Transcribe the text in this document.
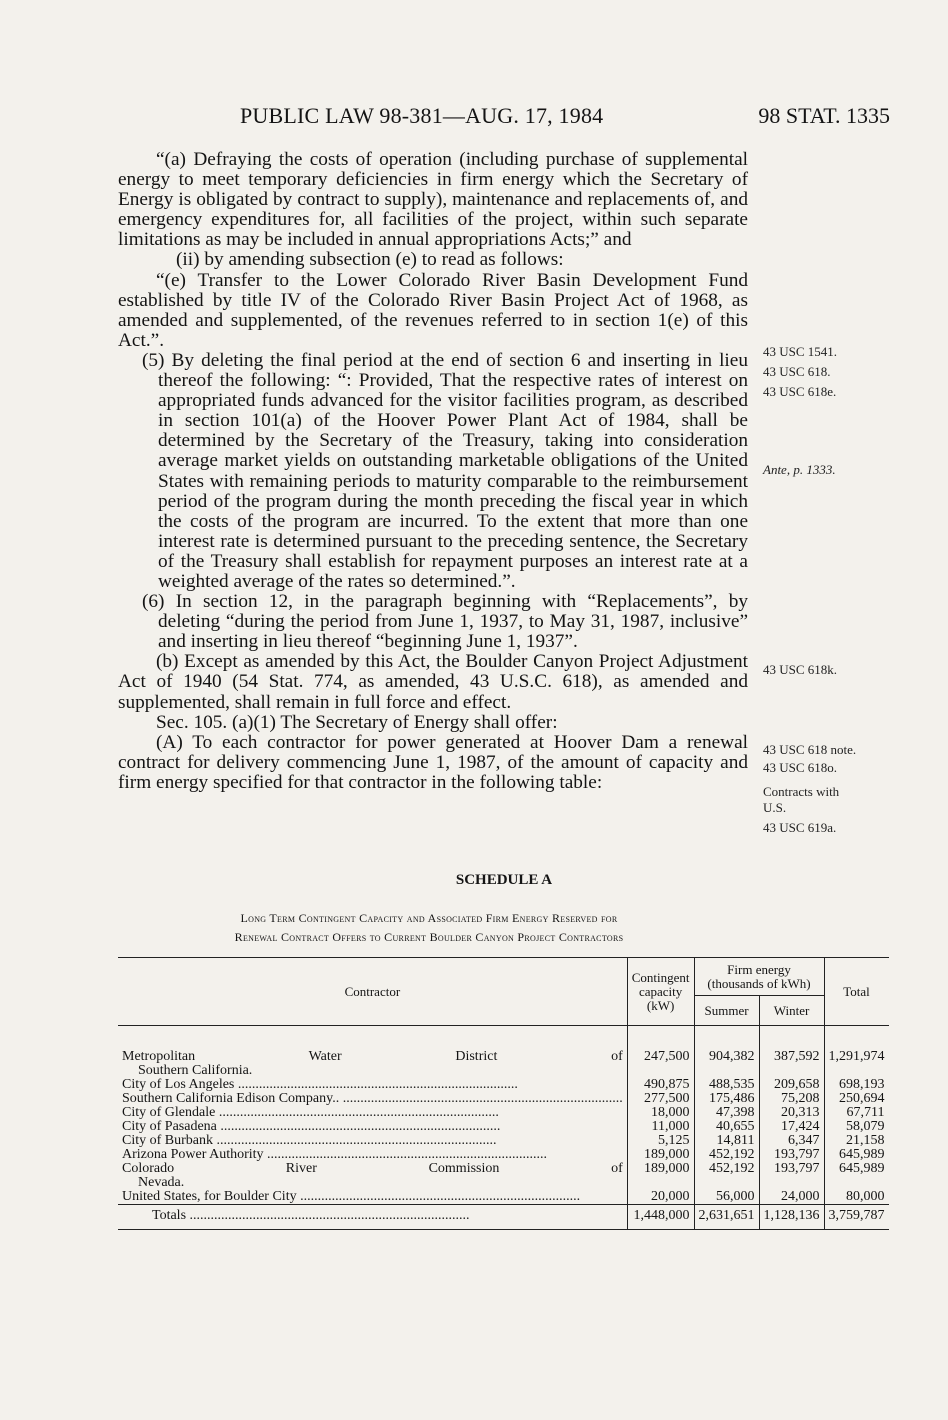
PUBLIC LAW 98-381—AUG. 17, 1984	98 STAT. 1335

“(a) Defraying the costs of operation (including purchase of supplemental energy to meet temporary deficiencies in firm energy which the Secretary of Energy is obligated by contract to supply), maintenance and replacements of, and emergency expenditures for, all facilities of the project, within such separate limitations as may be included in annual appropriations Acts;” and

(ii) by amending subsection (e) to read as follows:

“(e) Transfer to the Lower Colorado River Basin Development Fund established by title IV of the Colorado River Basin Project Act of 1968, as amended and supplemented, of the revenues referred to in section 1(e) of this Act.”.

(5) By deleting the final period at the end of section 6 and inserting in lieu thereof the following: “: Provided, That the respective rates of interest on appropriated funds advanced for the visitor facilities program, as described in section 101(a) of the Hoover Power Plant Act of 1984, shall be determined by the Secretary of the Treasury, taking into consideration average market yields on outstanding marketable obligations of the United States with remaining periods to maturity comparable to the reimbursement period of the program during the month preceding the fiscal year in which the costs of the program are incurred. To the extent that more than one interest rate is determined pursuant to the preceding sentence, the Secretary of the Treasury shall establish for repayment purposes an interest rate at a weighted average of the rates so determined.”.

(6) In section 12, in the paragraph beginning with “Replacements”, by deleting “during the period from June 1, 1937, to May 31, 1987, inclusive” and inserting in lieu thereof “beginning June 1, 1937”.

(b) Except as amended by this Act, the Boulder Canyon Project Adjustment Act of 1940 (54 Stat. 774, as amended, 43 U.S.C. 618), as amended and supplemented, shall remain in full force and effect.

Sec. 105. (a)(1) The Secretary of Energy shall offer:

(A) To each contractor for power generated at Hoover Dam a renewal contract for delivery commencing June 1, 1987, of the amount of capacity and firm energy specified for that contractor in the following table:

43 USC 1541.
43 USC 618.
43 USC 618e.
Ante, p. 1333.
43 USC 618k.
43 USC 618 note.
43 USC 618o.
Contracts with
U.S.
43 USC 619a.
SCHEDULE A
Long Term Contingent Capacity and Associated Firm Energy Reserved for
Renewal Contract Offers to Current Boulder Canyon Project Contractors
Contractor	Contingent capacity (kW)	Firm energy (thousands of kWh)		Total
		Summer	Winter	

Metropolitan Water District of
Southern California.	247,500	904,382	387,592	1,291,974

City of Los Angeles .....	490,875	488,535	209,658	698,193

Southern California Edison Company.. .....	277,500	175,486	75,208	250,694

City of Glendale .....	18,000	47,398	20,313	67,711

City of Pasadena .....	11,000	40,655	17,424	58,079

City of Burbank .....	5,125	14,811	6,347	21,158

Arizona Power Authority .....	189,000	452,192	193,797	645,989

Colorado River Commission of
Nevada.	189,000	452,192	193,797	645,989

United States, for Boulder City .....	20,000	56,000	24,000	80,000

Totals .....	1,448,000	2,631,651	1,128,136	3,759,787
